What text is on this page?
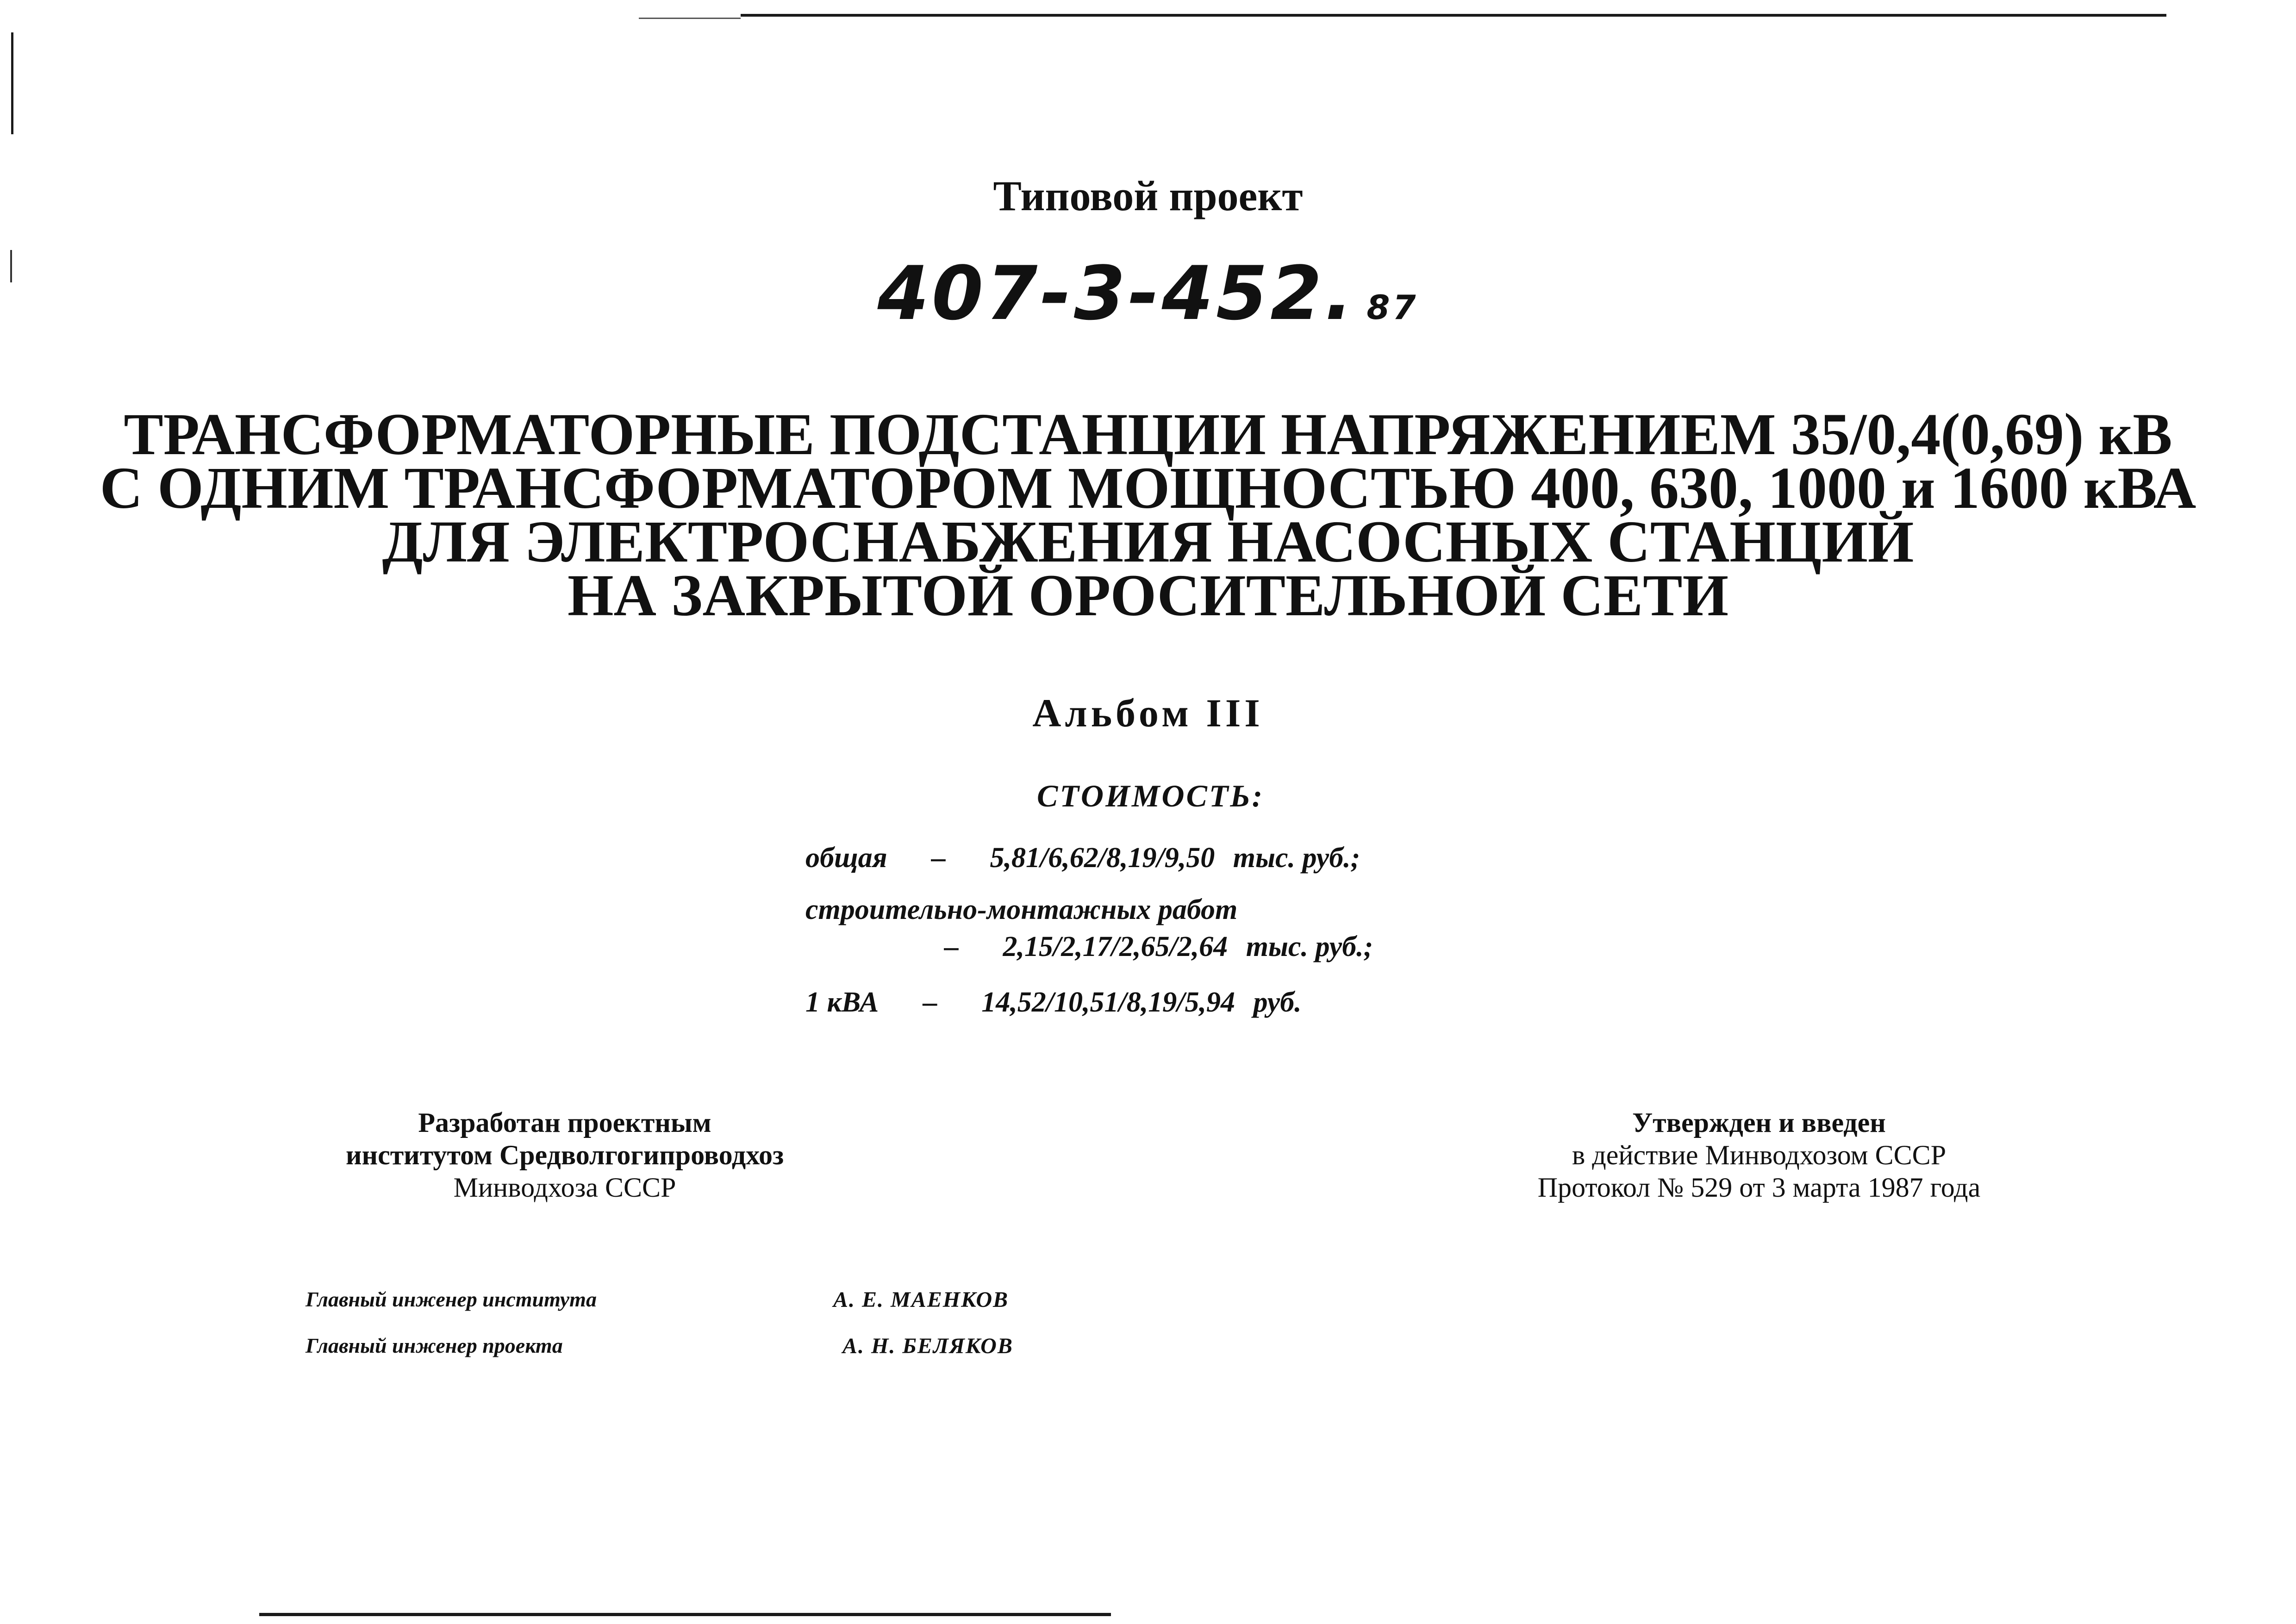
Типовой проект
407-3-452. 87
ТРАНСФОРМАТОРНЫЕ ПОДСТАНЦИИ НАПРЯЖЕНИЕМ 35/0,4(0,69) кВ
С ОДНИМ ТРАНСФОРМАТОРОМ МОЩНОСТЬЮ 400, 630, 1000 и 1600 кВА
ДЛЯ ЭЛЕКТРОСНАБЖЕНИЯ НАСОСНЫХ СТАНЦИЙ
НА ЗАКРЫТОЙ ОРОСИТЕЛЬНОЙ СЕТИ
Альбом III
СТОИМОСТЬ:
общая – 5,81/6,62/8,19/9,50 тыс. руб.;
строительно-монтажных работ
– 2,15/2,17/2,65/2,64 тыс. руб.;
1 кВА – 14,52/10,51/8,19/5,94 руб.
Разработан проектным
институтом Средволгогипроводхоз
Минводхоза СССР
Утвержден и введен
в действие Минводхозом СССР
Протокол № 529 от 3 марта 1987 года
Главный инженер института	А. Е. МАЕНКОВ
Главный инженер проекта	А. Н. БЕЛЯКОВ
